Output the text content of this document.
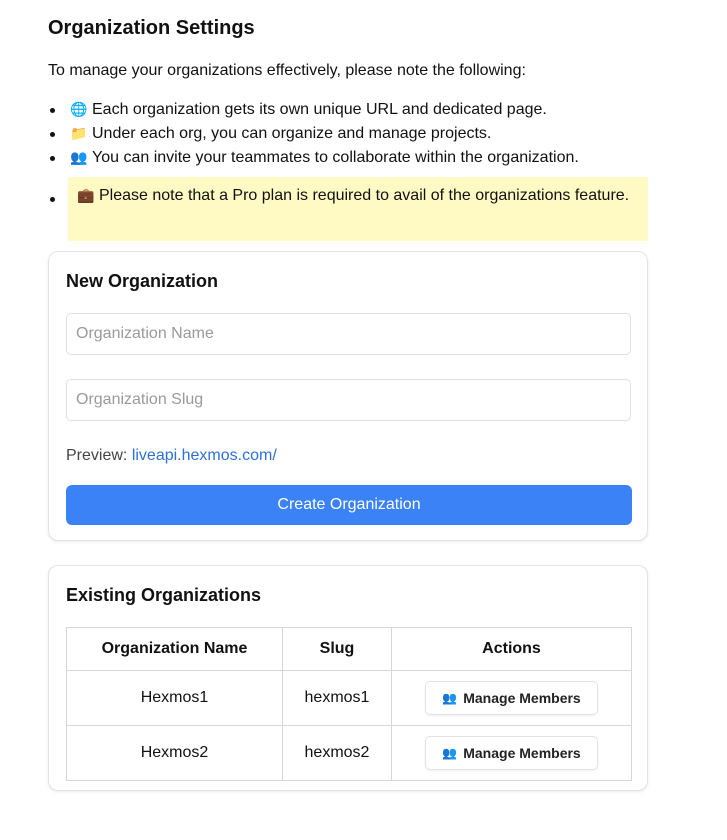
Organization Settings
To manage your organizations effectively, please note the following:
🌐 Each organization gets its own unique URL and dedicated page.
📁 Under each org, you can organize and manage projects.
👥 You can invite your teammates to collaborate within the organization.
💼 Please note that a Pro plan is required to avail of the organizations feature.
New Organization
Organization Name
Organization Slug
Preview: liveapi.hexmos.com/
Create Organization
Existing Organizations
Organization Name	Slug	Actions
Hexmos1	hexmos1	👥 Manage Members

Hexmos2	hexmos2	👥 Manage Members
